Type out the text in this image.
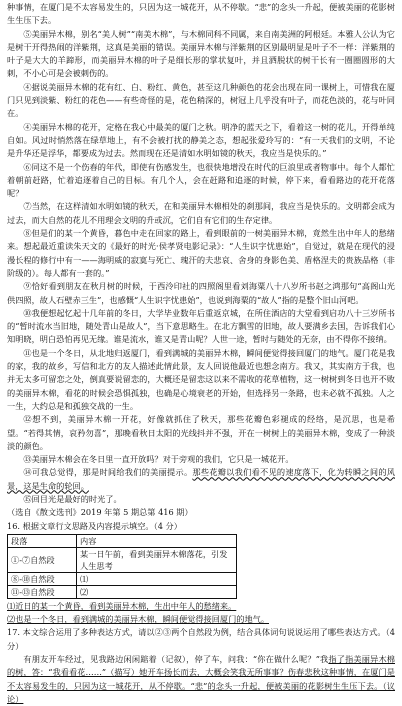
种事情，在厦门是不太容易发生的，只因为这一城花开，从不停歇。“悲”的念头一升起，便被美丽的花影树生生压下去。

⑤美丽异木棉，别名“美人树”“南美木棉”，与木棉同科不同属，来自南美洲的阿根廷。本雅人公认为它是树干开得热闹的洋紫荆，这真是美丽的错误。美丽异木棉与洋紫荆的区别最明显是叶子不一样：洋紫荆的叶子是大大的羊蹄形，而美丽异木棉的叶子是细长形的掌状复叶，并且洒脱状的树干长有一圈圈圆形的大刺，不小心可是会被刺伤的。

④据说美丽异木棉的花有红、白、粉红、黄色，甚至这几种颜色的花会出现在同一课树上，可惜我在厦门只见到淡紫、粉红的花色——有些奇怪的是，花色稍深的，树冠上几乎没有叶子，而花色淡的，花与叶同在。

④美丽异木棉的花开，定格在我心中最美的厦门之秋。明净的蓝天之下，看着这一树的花儿，开得单纯自如。风过时悄然落在绿草地上，有不会被打扰的静美之态，想起张爱玲写的：“有一天我们的文明，不论是升华还是浮华，都要成为过去。然而现在还是清如水明如镜的秋天，我应当是快乐的。”

⑥同这不是一个伤春的年代，即使有伤感发生，也很快地增没在时代的巨浪里或者物事中。每个人都忙着朝前赶路，忙着追逐着自己的目标。有几个人，会在赶路和追逐的时候，停下来，看看路边的花开花落呢？

⑦当然，在这样清如水明如镜的秋天，在和美丽异木棉相处的刹那间，我应当是快乐的。文明都会成为过去，而大自然的花儿不用理会文明的升或沉，它们自有它们的生存定律。

⑧但是们的某一个黄昏，暮色中走在回家的路上，看到眼前的一树美丽异木棉，竟然生出中年人的愁绪来。想起最近重读朱天文的《最好的时光·侯孝贤电影记录》：“人生识字忧患始”，自觉过，就是在现代的浸漫长程的修行中有一——海明威的寂寞与死亡、瑰汗的夫悲哀、舍身的身影色美、盾格涅夫的贵族品格（非阶级的）。每人都有一套的。”

⑨恰好看到朋友在秋月树的时候，于西泠印社的四照阁里看刘海粟八十八岁所书赵之鸿那句“高阁山光供四照，故人石壁赤三生”，也感慨“人生识字忧患始”，也说到海粟的“故人”指的是整个旧山河吧。

⑩我便想起忆起十几年前的冬日，大学毕业数年后重返京城，在所住酒店的大堂看到启功八十三岁所书的“暂时流水当旧地，随处青山是故人”，当下意思略生。在北方飘雪的旧地，故人要满乡去国，告诉我们心知明晓，明白恐怕再见无缘。谁是流水，谁又是青山呢？人世一途，暂时与随处的无奈，由不得你不接纳。

⑪也是一个冬日，从北地归返厦门，看到满城的美丽异木棉，瞬间便觉得接回厦门的地气。厦门花是我的家，我的故乡，写信和北方的友人描述此情此景，友人回说他最近也想念南方。我又，其实南方于我，也并无太多可留恋之处，倒真要说留恋的，大概还是留恋这以来不需收的花草植物，这一树树到冬日也开不败的美丽异木棉，看花的时候会恐惧孤独，也确是心境衰老的开始，但选择另一条路，也未必就不孤独。人之一生，大约总是和孤独交战的一生。

⑫想不到，美丽异木棉一开花，好像就抓住了秋天，那些花瓣色彩褪成的经络，是沉思，也是希望。“若得其情，哀矜勿喜”，那晚看秋日太阳的光线抖并不强，开在一树树上的美丽异木棉，变成了一种淡淡的颜色。

⑬美丽异木棉会在冬日里一直开放吗？对于旁观的我们，它只是一城花开。

⑭可我总觉得，那是时间给我们的美丽提示。那些花瓣以我们看不见的速度落下，化为转瞬之间的风景，这是生命的轮回。

⑮回目光是最好的时光了。

（选自《散文选刊》2019 年第 5 期总第 416 期）

16. 根据文章行文思路及内容提示填空。（4 分）

段落	内容
①-⑦自然段	某一日午前，看到美丽异木棉落花，引发人生思考
⑧-⑩自然段	⑴
⑪-⑬自然段	⑵

⑴近日的某一个黄昏，看到美丽异木棉，生出中年人的愁绪来。

⑵也是一个冬日，看到满城的美丽异木棉，瞬间便觉得接回厦门的地气。

17. 本文综合运用了多种表达方式，请以②③两个自然段为例，结合具体词句说说运用了哪些表达方式。（4 分）

有朋友开车经过，见我路边闲闲踮着（记叙），停了车，问我：“你在做什么呢？”我指了指美丽异木棉的树，答：“我看看花……”（描写）她开车扬长而去，大概会笑我无所事事？伤春悲秋这种事情，在厦门是不太容易发生的，只因为这一城花开，从不停歇。“悲”的念头一升起，便被美丽的花影树生生压下去。（议论）
